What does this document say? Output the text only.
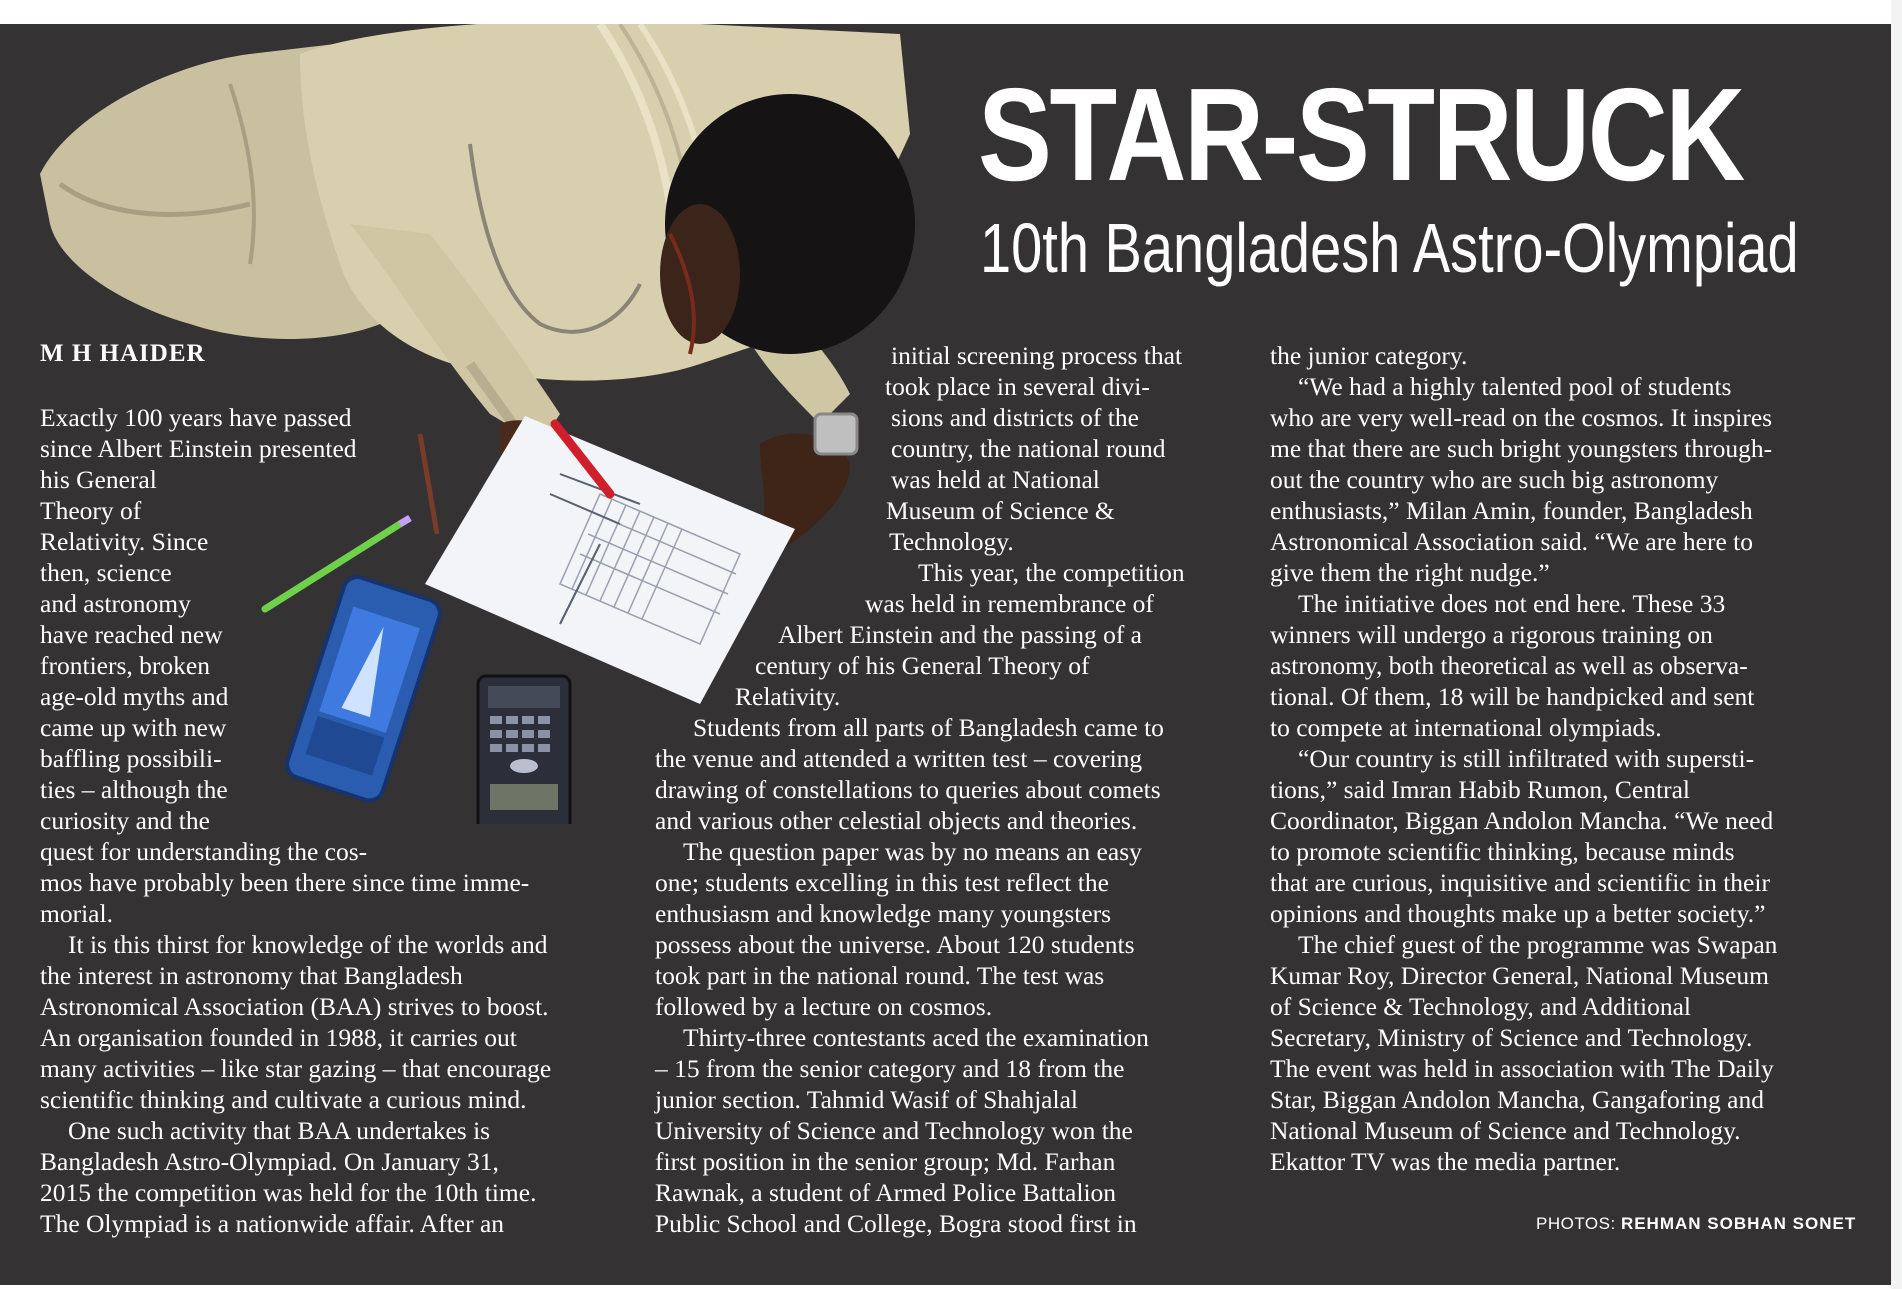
STAR-STRUCK
10th Bangladesh Astro-Olympiad
M H HAIDER
Exactly 100 years have passed
since Albert Einstein presented
his General
Theory of
Relativity. Since
then, science
and astronomy
have reached new
frontiers, broken
age-old myths and
came up with new
baffling possibili-
ties – although the
curiosity and the
quest for understanding the cos-
mos have probably been there since time imme-
morial.
It is this thirst for knowledge of the worlds and
the interest in astronomy that Bangladesh
Astronomical Association (BAA) strives to boost.
An organisation founded in 1988, it carries out
many activities – like star gazing – that encourage
scientific thinking and cultivate a curious mind.
One such activity that BAA undertakes is
Bangladesh Astro-Olympiad. On January 31,
2015 the competition was held for the 10th time.
The Olympiad is a nationwide affair. After an
initial screening process that
took place in several divi-
sions and districts of the
country, the national round
was held at National
Museum of Science &
Technology.
This year, the competition
was held in remembrance of
Albert Einstein and the passing of a
century of his General Theory of
Relativity.
Students from all parts of Bangladesh came to
the venue and attended a written test – covering
drawing of constellations to queries about comets
and various other celestial objects and theories.
The question paper was by no means an easy
one; students excelling in this test reflect the
enthusiasm and knowledge many youngsters
possess about the universe. About 120 students
took part in the national round. The test was
followed by a lecture on cosmos.
Thirty-three contestants aced the examination
– 15 from the senior category and 18 from the
junior section. Tahmid Wasif of Shahjalal
University of Science and Technology won the
first position in the senior group; Md. Farhan
Rawnak, a student of Armed Police Battalion
Public School and College, Bogra stood first in
the junior category.
“We had a highly talented pool of students
who are very well-read on the cosmos. It inspires
me that there are such bright youngsters through-
out the country who are such big astronomy
enthusiasts,” Milan Amin, founder, Bangladesh
Astronomical Association said. “We are here to
give them the right nudge.”
The initiative does not end here. These 33
winners will undergo a rigorous training on
astronomy, both theoretical as well as observa-
tional. Of them, 18 will be handpicked and sent
to compete at international olympiads.
“Our country is still infiltrated with supersti-
tions,” said Imran Habib Rumon, Central
Coordinator, Biggan Andolon Mancha. “We need
to promote scientific thinking, because minds
that are curious, inquisitive and scientific in their
opinions and thoughts make up a better society.”
The chief guest of the programme was Swapan
Kumar Roy, Director General, National Museum
of Science & Technology, and Additional
Secretary, Ministry of Science and Technology.
The event was held in association with The Daily
Star, Biggan Andolon Mancha, Gangaforing and
National Museum of Science and Technology.
Ekattor TV was the media partner.
PHOTOS: REHMAN SOBHAN SONET
